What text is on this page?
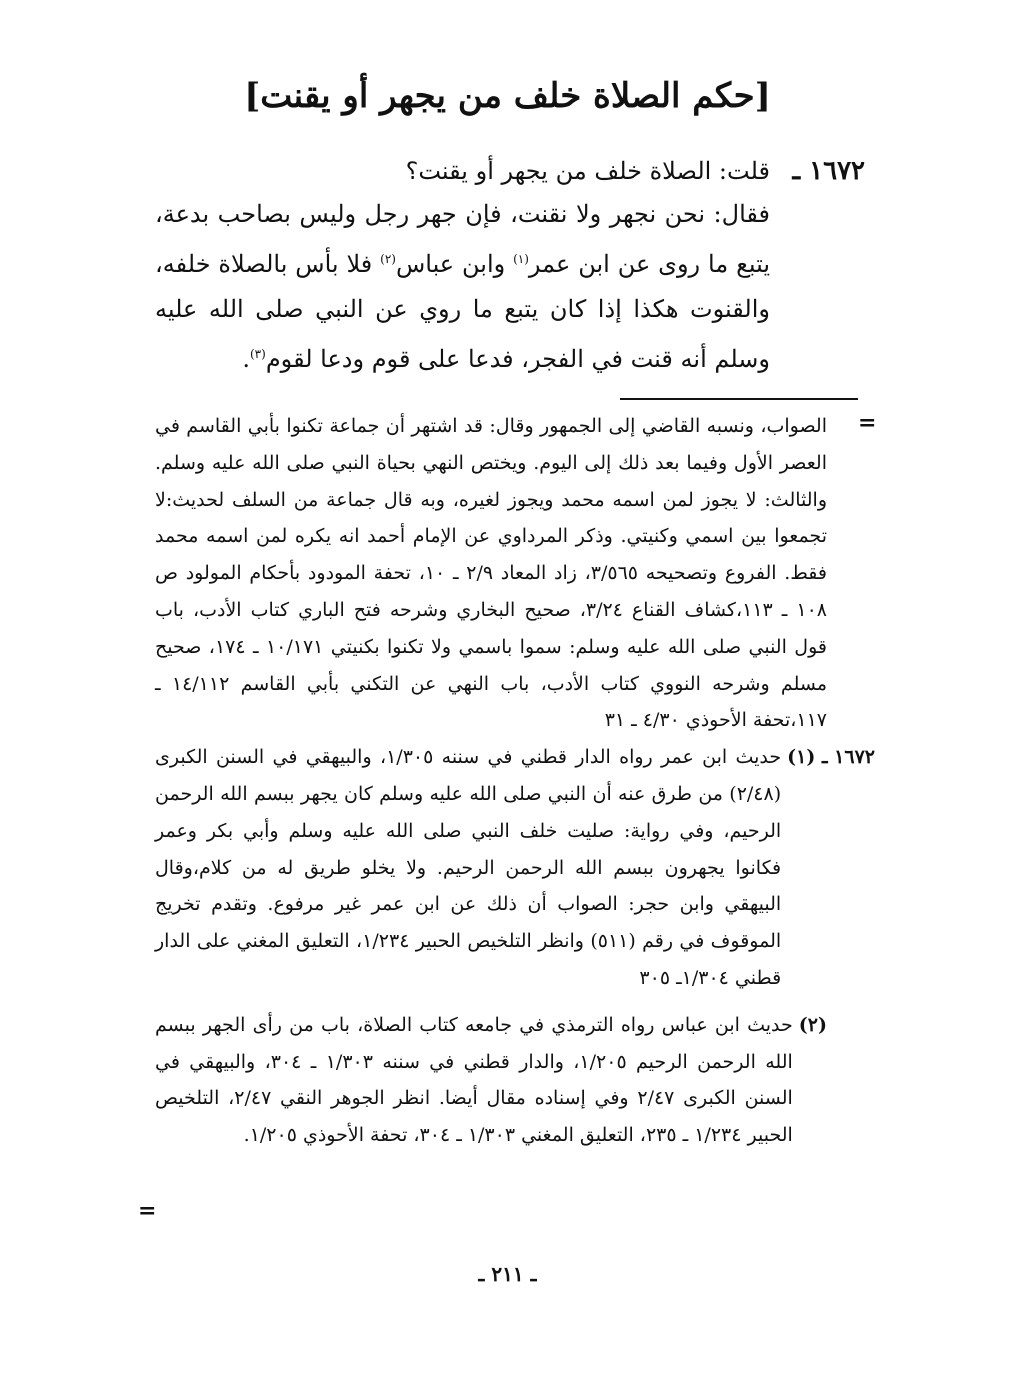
[حكم الصلاة خلف من يجهر أو يقنت]
١٦٧٢ ـ
قلت: الصلاة خلف من يجهر أو يقنت؟
فقال: نحن نجهر ولا نقنت، فإن جهر رجل وليس بصاحب بدعة، يتبع ما روى عن ابن عمر$^{(١)}$ وابن عباس$^{(٢)}$ فلا بأس بالصلاة خلفه، والقنوت هكذا إذا كان يتبع ما روي عن النبي صلى الله عليه وسلم أنه قنت في الفجر، فدعا على قوم ودعا لقوم$^{(٣)}$.
=

الصواب، ونسبه القاضي إلى الجمهور وقال: قد اشتهر أن جماعة تكنوا بأبي القاسم في العصر الأول وفيما بعد ذلك إلى اليوم. ويختص النهي بحياة النبي صلى الله عليه وسلم. والثالث: لا يجوز لمن اسمه محمد ويجوز لغيره، وبه قال جماعة من السلف لحديث:لا تجمعوا بين اسمي وكنيتي. وذكر المرداوي عن الإمام أحمد انه يكره لمن اسمه محمد فقط. الفروع وتصحيحه ٣/٥٦٥، زاد المعاد ٢/٩ ـ ١٠، تحفة المودود بأحكام المولود ص ١٠٨ ـ ١١٣،كشاف القناع ٣/٢٤، صحيح البخاري وشرحه فتح الباري كتاب الأدب، باب قول النبي صلى الله عليه وسلم: سموا باسمي ولا تكنوا بكنيتي ١٠/١٧١ ـ ١٧٤، صحيح مسلم وشرحه النووي كتاب الأدب، باب النهي عن التكني بأبي القاسم ١٤/١١٢ ـ ١١٧،تحفة الأحوذي ٤/٣٠ ـ ٣١

١٦٧٢ ـ (١)
حديث ابن عمر رواه الدار قطني في سننه ١/٣٠٥، والبيهقي في السنن الكبرى (٢/٤٨) من طرق عنه أن النبي صلى الله عليه وسلم كان يجهر ببسم الله الرحمن الرحيم، وفي رواية: صليت خلف النبي صلى الله عليه وسلم وأبي بكر وعمر فكانوا يجهرون ببسم الله الرحمن الرحيم. ولا يخلو طريق له من كلام،وقال البيهقي وابن حجر: الصواب أن ذلك عن ابن عمر غير مرفوع. وتقدم تخريج الموقوف في رقم (٥١١) وانظر التلخيص الحبير ١/٢٣٤، التعليق المغني على الدار قطني ١/٣٠٤ـ ٣٠٥
(٢)
حديث ابن عباس رواه الترمذي في جامعه كتاب الصلاة، باب من رأى الجهر ببسم الله الرحمن الرحيم ١/٢٠٥، والدار قطني في سننه ١/٣٠٣ ـ ٣٠٤، والبيهقي في السنن الكبرى ٢/٤٧ وفي إسناده مقال أيضا. انظر الجوهر النقي ٢/٤٧، التلخيص الحبير ١/٢٣٤ ـ ٢٣٥، التعليق المغني ١/٣٠٣ ـ ٣٠٤، تحفة الأحوذي ١/٢٠٥.
=
ـ ٢١١ ـ
